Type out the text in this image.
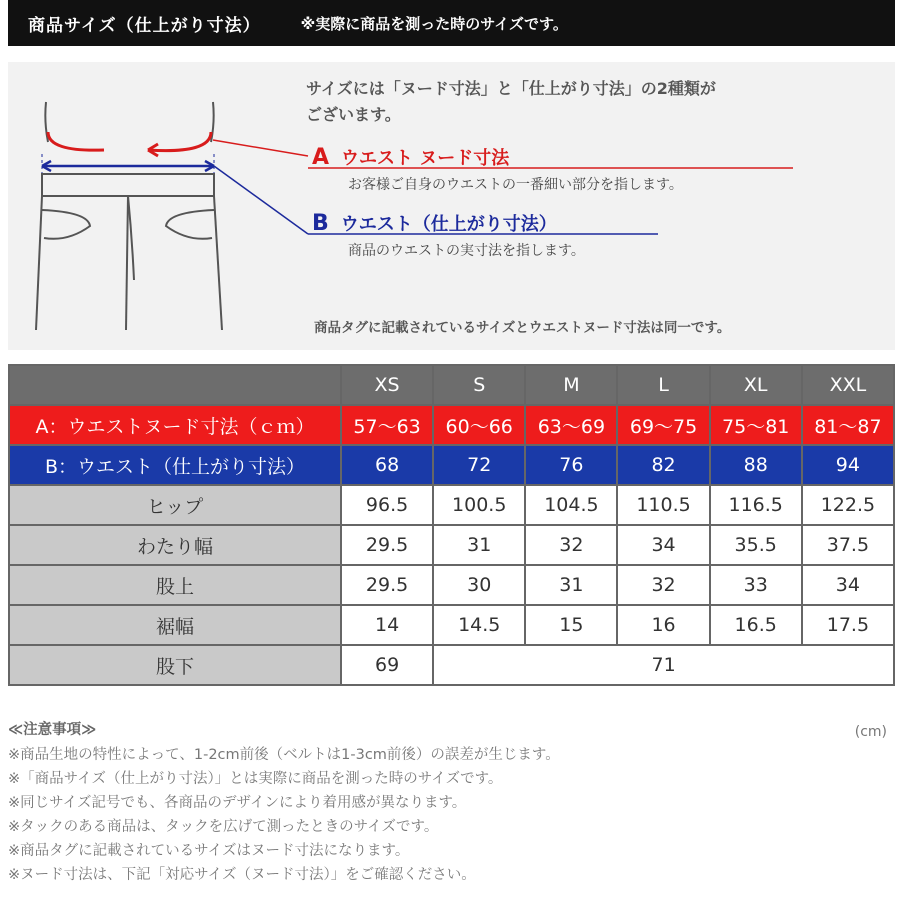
商品サイズ（仕上がり寸法）	※実際に商品を測った時のサイズです。
サイズには「ヌード寸法」と「仕上がり寸法」の2種類が
ございます。
A ウエスト ヌード寸法
お客様ご自身のウエストの一番細い部分を指します。
B ウエスト（仕上がり寸法）
商品のウエストの実寸法を指します。
商品タグに記載されているサイズとウエストヌード寸法は同一です。
	XS	S	M	L	XL	XXL
A：ウエストヌード寸法（ｃｍ）	57〜63	60〜66	63〜69	69〜75	75〜81	81〜87
B：ウエスト（仕上がり寸法）	68	72	76	82	88	94
ヒップ	96.5	100.5	104.5	110.5	116.5	122.5
わたり幅	29.5	31	32	34	35.5	37.5
股上	29.5	30	31	32	33	34
裾幅	14	14.5	15	16	16.5	17.5
股下	69	71				
≪注意事項≫	(cm)
※商品生地の特性によって、1-2cm前後（ベルトは1-3cm前後）の誤差が生じます。
※「商品サイズ（仕上がり寸法）」とは実際に商品を測った時のサイズです。
※同じサイズ記号でも、各商品のデザインにより着用感が異なります。
※タックのある商品は、タックを広げて測ったときのサイズです。
※商品タグに記載されているサイズはヌード寸法になります。
※ヌード寸法は、下記「対応サイズ（ヌード寸法）」をご確認ください。
